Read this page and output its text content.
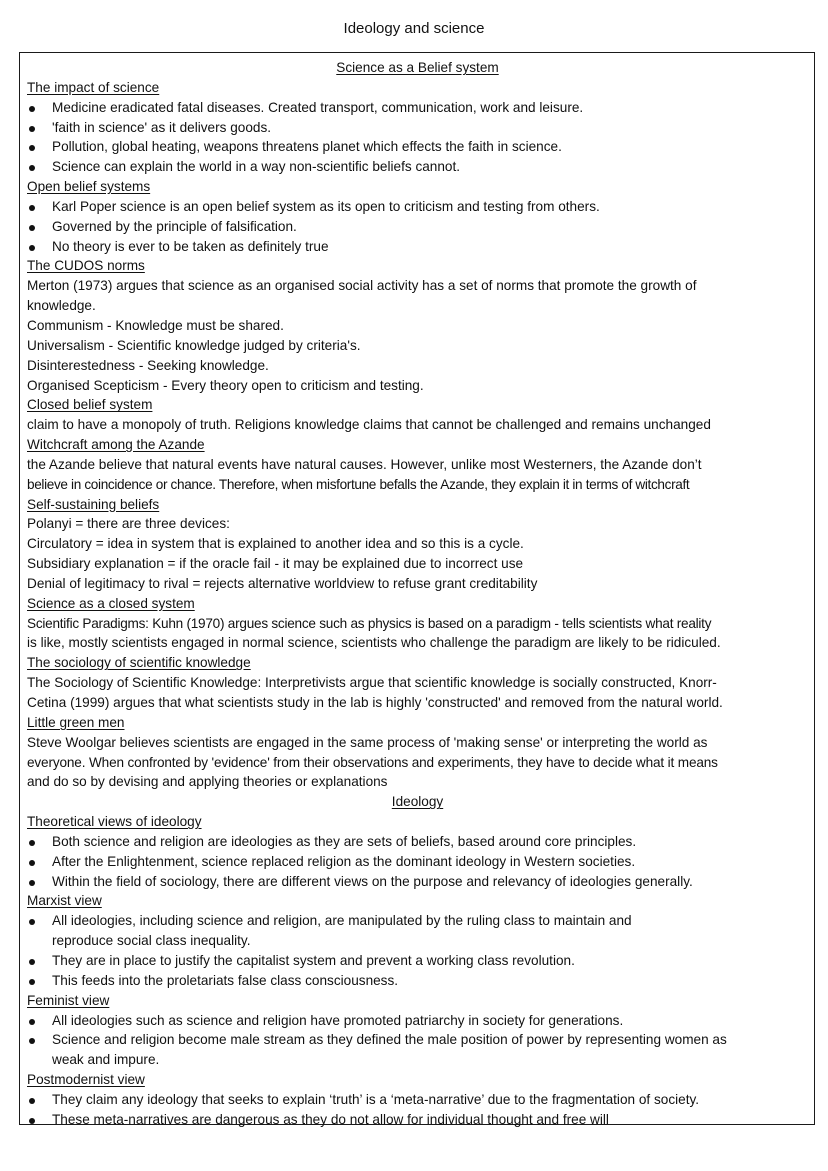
Ideology and science
Science as a Belief system
The impact of science
Medicine eradicated fatal diseases. Created transport, communication, work and leisure.
'faith in science' as it delivers goods.
Pollution, global heating, weapons threatens planet which effects the faith in science.
Science can explain the world in a way non-scientific beliefs cannot.
Open belief systems
Karl Poper science is an open belief system as its open to criticism and testing from others.
Governed by the principle of falsification.
No theory is ever to be taken as definitely true
The CUDOS norms
Merton (1973) argues that science as an organised social activity has a set of norms that promote the growth of
knowledge.
Communism - Knowledge must be shared.
Universalism - Scientific knowledge judged by criteria's.
Disinterestedness - Seeking knowledge.
Organised Scepticism - Every theory open to criticism and testing.
Closed belief system
claim to have a monopoly of truth. Religions knowledge claims that cannot be challenged and remains unchanged
Witchcraft among the Azande
the Azande believe that natural events have natural causes. However, unlike most Westerners, the Azande don’t
believe in coincidence or chance. Therefore, when misfortune befalls the Azande, they explain it in terms of witchcraft
Self-sustaining beliefs
Polanyi = there are three devices:
Circulatory = idea in system that is explained to another idea and so this is a cycle.
Subsidiary explanation = if the oracle fail - it may be explained due to incorrect use
Denial of legitimacy to rival = rejects alternative worldview to refuse grant creditability
Science as a closed system
Scientific Paradigms: Kuhn (1970) argues science such as physics is based on a paradigm - tells scientists what reality
is like, mostly scientists engaged in normal science, scientists who challenge the paradigm are likely to be ridiculed.
The sociology of scientific knowledge
The Sociology of Scientific Knowledge: Interpretivists argue that scientific knowledge is socially constructed, Knorr-
Cetina (1999) argues that what scientists study in the lab is highly 'constructed' and removed from the natural world.
Little green men
Steve Woolgar believes scientists are engaged in the same process of 'making sense' or interpreting the world as
everyone. When confronted by 'evidence' from their observations and experiments, they have to decide what it means
and do so by devising and applying theories or explanations
Ideology
Theoretical views of ideology
Both science and religion are ideologies as they are sets of beliefs, based around core principles.
After the Enlightenment, science replaced religion as the dominant ideology in Western societies.
Within the field of sociology, there are different views on the purpose and relevancy of ideologies generally.
Marxist view
All ideologies, including science and religion, are manipulated by the ruling class to maintain and
reproduce social class inequality.
They are in place to justify the capitalist system and prevent a working class revolution.
This feeds into the proletariats false class consciousness.
Feminist view
All ideologies such as science and religion have promoted patriarchy in society for generations.
Science and religion become male stream as they defined the male position of power by representing women as
weak and impure.
Postmodernist view
They claim any ideology that seeks to explain ‘truth’ is a ‘meta-narrative’ due to the fragmentation of society.
These meta-narratives are dangerous as they do not allow for individual thought and free will
